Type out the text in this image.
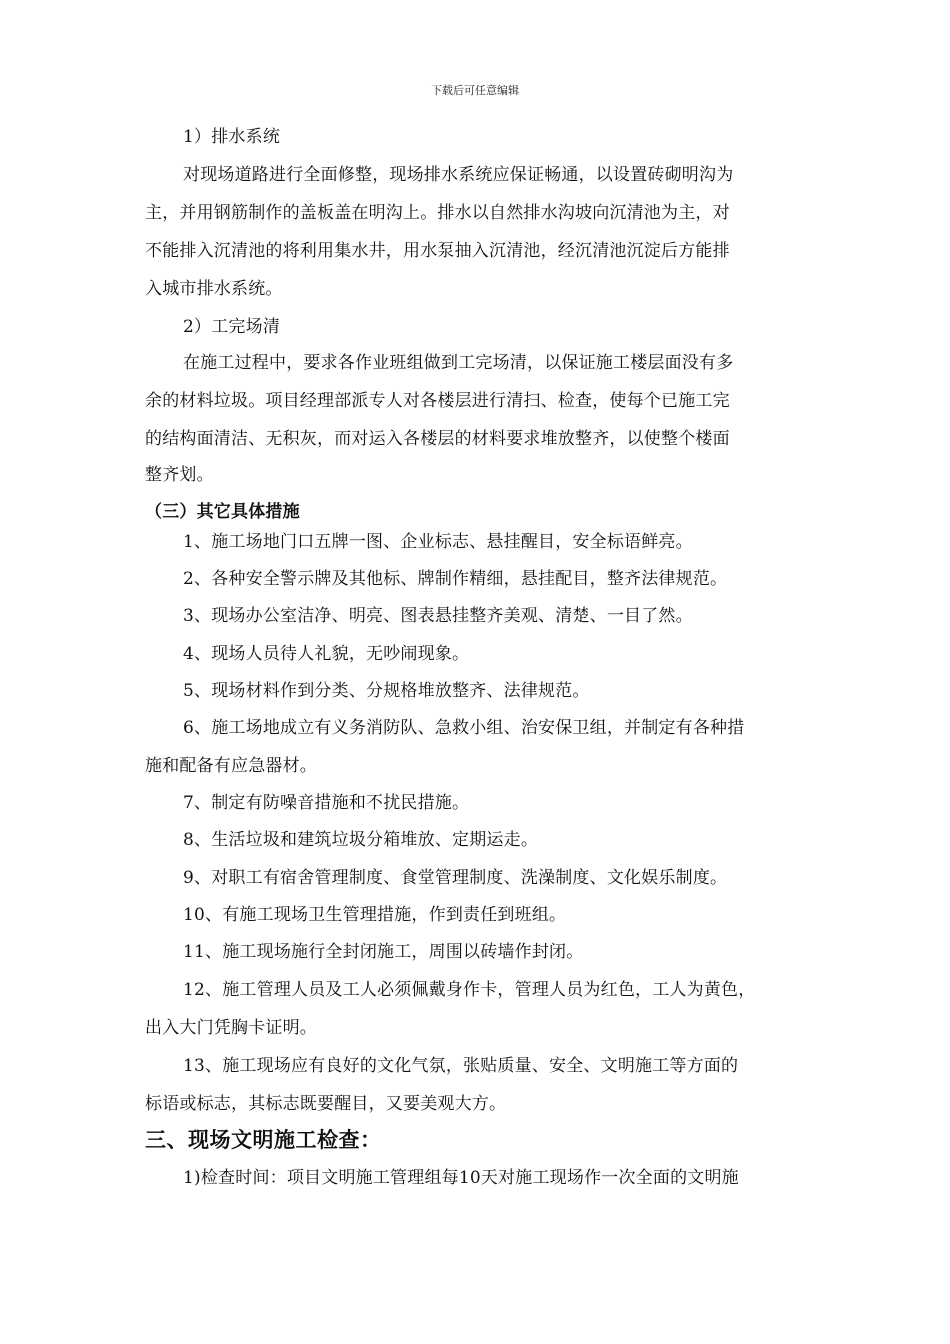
下载后可任意编辑
1）排水系统
对现场道路进行全面修整，现场排水系统应保证畅通，以设置砖砌明沟为
主，并用钢筋制作的盖板盖在明沟上。排水以自然排水沟坡向沉清池为主，对
不能排入沉清池的将利用集水井，用水泵抽入沉清池，经沉清池沉淀后方能排
入城市排水系统。
2）工完场清
在施工过程中，要求各作业班组做到工完场清，以保证施工楼层面没有多
余的材料垃圾。项目经理部派专人对各楼层进行清扫、检查，使每个已施工完
的结构面清洁、无积灰，而对运入各楼层的材料要求堆放整齐，以使整个楼面
整齐划。
（三）其它具体措施
1、施工场地门口五牌一图、企业标志、悬挂醒目，安全标语鲜亮。
2、各种安全警示牌及其他标、牌制作精细，悬挂配目，整齐法律规范。
3、现场办公室洁净、明亮、图表悬挂整齐美观、清楚、一目了然。
4、现场人员待人礼貌，无吵闹现象。
5、现场材料作到分类、分规格堆放整齐、法律规范。
6、施工场地成立有义务消防队、急救小组、治安保卫组，并制定有各种措
施和配备有应急器材。
7、制定有防噪音措施和不扰民措施。
8、生活垃圾和建筑垃圾分箱堆放、定期运走。
9、对职工有宿舍管理制度、食堂管理制度、洗澡制度、文化娱乐制度。
10、有施工现场卫生管理措施，作到责任到班组。
11、施工现场施行全封闭施工，周围以砖墙作封闭。
12、施工管理人员及工人必须佩戴身作卡，管理人员为红色，工人为黄色，
出入大门凭胸卡证明。
13、施工现场应有良好的文化气氛，张贴质量、安全、文明施工等方面的
标语或标志，其标志既要醒目，又要美观大方。
三、现场文明施工检查：
1)检查时间：项目文明施工管理组每10天对施工现场作一次全面的文明施
